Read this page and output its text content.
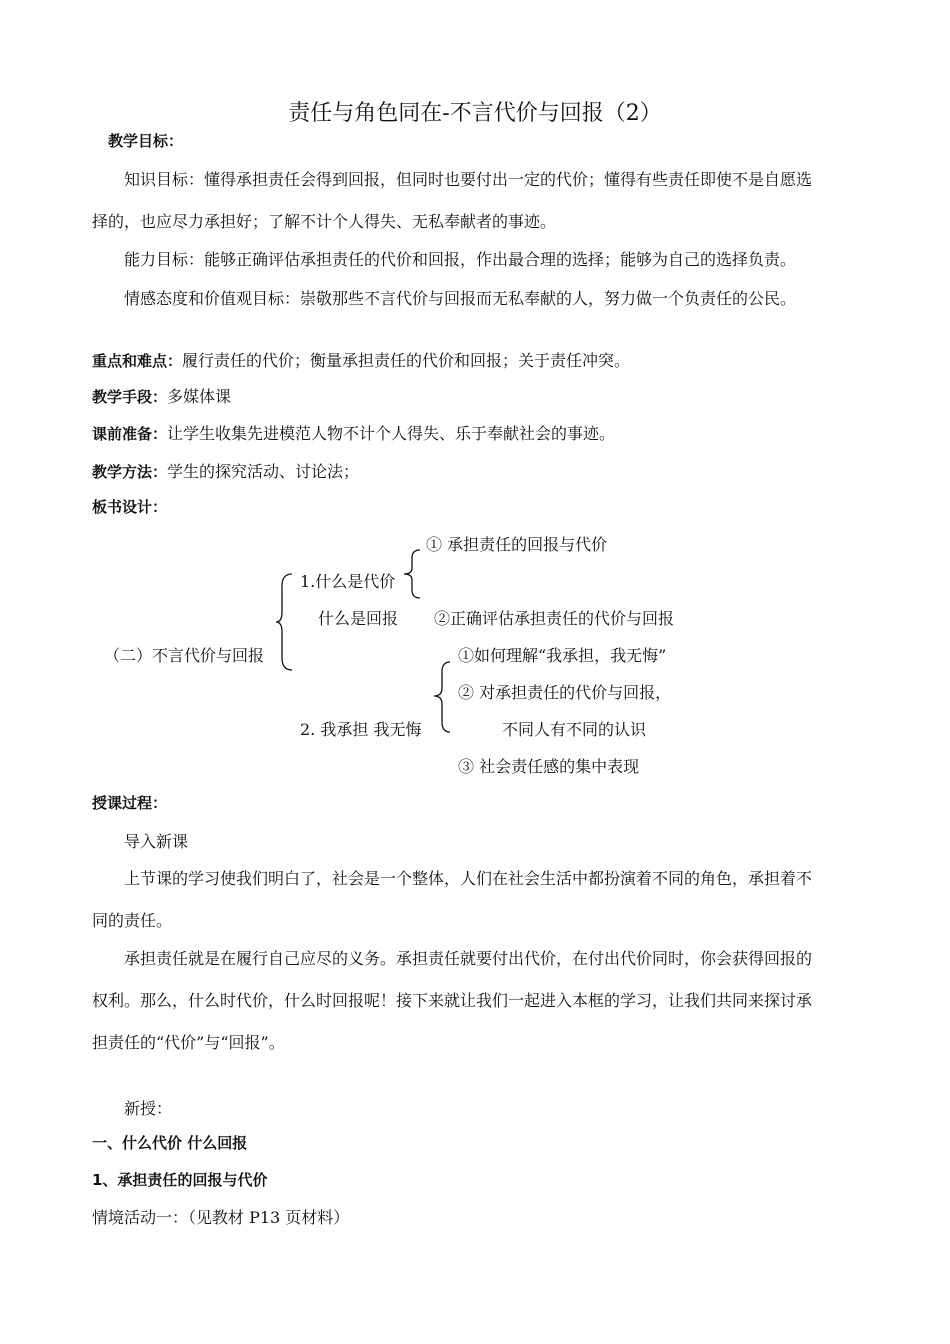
责任与角色同在-不言代价与回报（2）
教学目标：
知识目标：懂得承担责任会得到回报，但同时也要付出一定的代价；懂得有些责任即使不是自愿选
择的，也应尽力承担好；了解不计个人得失、无私奉献者的事迹。
能力目标：能够正确评估承担责任的代价和回报，作出最合理的选择；能够为自己的选择负责。
情感态度和价值观目标：崇敬那些不言代价与回报而无私奉献的人，努力做一个负责任的公民。
重点和难点：履行责任的代价；衡量承担责任的代价和回报；关于责任冲突。
教学手段：多媒体课
课前准备：让学生收集先进模范人物不计个人得失、乐于奉献社会的事迹。
教学方法：学生的探究活动、讨论法；
板书设计：
（二）不言代价与回报
1.什么是代价
① 承担责任的回报与代价
什么是回报 ②正确评估承担责任的代价与回报
2. 我承担 我无悔
①如何理解“我承担，我无悔”
② 对承担责任的代价与回报，
不同人有不同的认识
③ 社会责任感的集中表现
授课过程：
导入新课
上节课的学习使我们明白了，社会是一个整体，人们在社会生活中都扮演着不同的角色，承担着不
同的责任。
承担责任就是在履行自己应尽的义务。承担责任就要付出代价，在付出代价同时，你会获得回报的
权利。那么，什么时代价，什么时回报呢！接下来就让我们一起进入本框的学习，让我们共同来探讨承
担责任的“代价”与“回报”。
新授：
一、什么代价 什么回报
1、承担责任的回报与代价
情境活动一：（见教材 P13 页材料）
